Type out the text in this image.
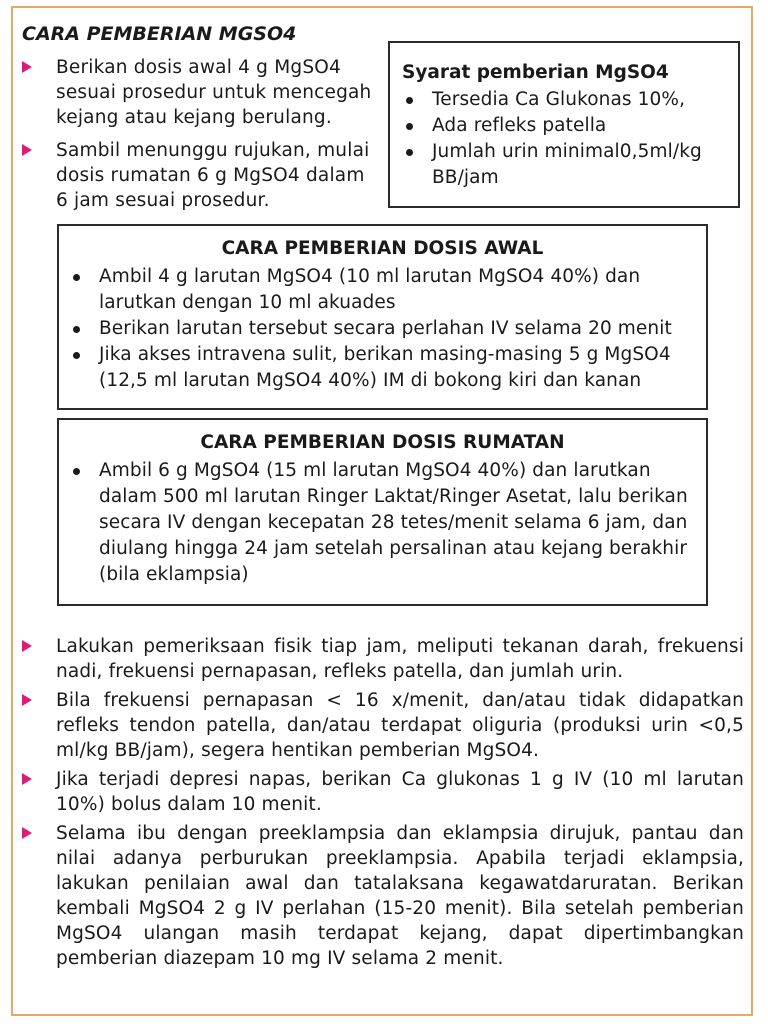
CARA PEMBERIAN MGSO4
Berikan dosis awal 4 g MgSO4 sesuai prosedur untuk mencegah kejang atau kejang berulang.
Sambil menunggu rujukan, mulai dosis rumatan 6 g MgSO4 dalam 6 jam sesuai prosedur.
Syarat pemberian MgSO4
Tersedia Ca Glukonas 10%,
Ada refleks patella
Jumlah urin minimal0,5ml/kg BB/jam
CARA PEMBERIAN DOSIS AWAL
Ambil 4 g larutan MgSO4 (10 ml larutan MgSO4 40%) dan larutkan dengan 10 ml akuades
Berikan larutan tersebut secara perlahan IV selama 20 menit
Jika akses intravena sulit, berikan masing-masing 5 g MgSO4 (12,5 ml larutan MgSO4 40%) IM di bokong kiri dan kanan
CARA PEMBERIAN DOSIS RUMATAN
Ambil 6 g MgSO4 (15 ml larutan MgSO4 40%) dan larutkan dalam 500 ml larutan Ringer Laktat/Ringer Asetat, lalu berikan secara IV dengan kecepatan 28 tetes/menit selama 6 jam, dan diulang hingga 24 jam setelah persalinan atau kejang berakhir (bila eklampsia)
Lakukan pemeriksaan fisik tiap jam, meliputi tekanan darah, frekuensi nadi, frekuensi pernapasan, refleks patella, dan jumlah urin.
Bila frekuensi pernapasan < 16 x/menit, dan/atau tidak didapatkan refleks tendon patella, dan/atau terdapat oliguria (produksi urin <0,5 ml/kg BB/jam), segera hentikan pemberian MgSO4.
Jika terjadi depresi napas, berikan Ca glukonas 1 g IV (10 ml larutan 10%) bolus dalam 10 menit.
Selama ibu dengan preeklampsia dan eklampsia dirujuk, pantau dan nilai adanya perburukan preeklampsia. Apabila terjadi eklampsia, lakukan penilaian awal dan tatalaksana kegawatdaruratan. Berikan kembali MgSO4 2 g IV perlahan (15-20 menit). Bila setelah pemberian MgSO4 ulangan masih terdapat kejang, dapat dipertimbangkan pemberian diazepam 10 mg IV selama 2 menit.
